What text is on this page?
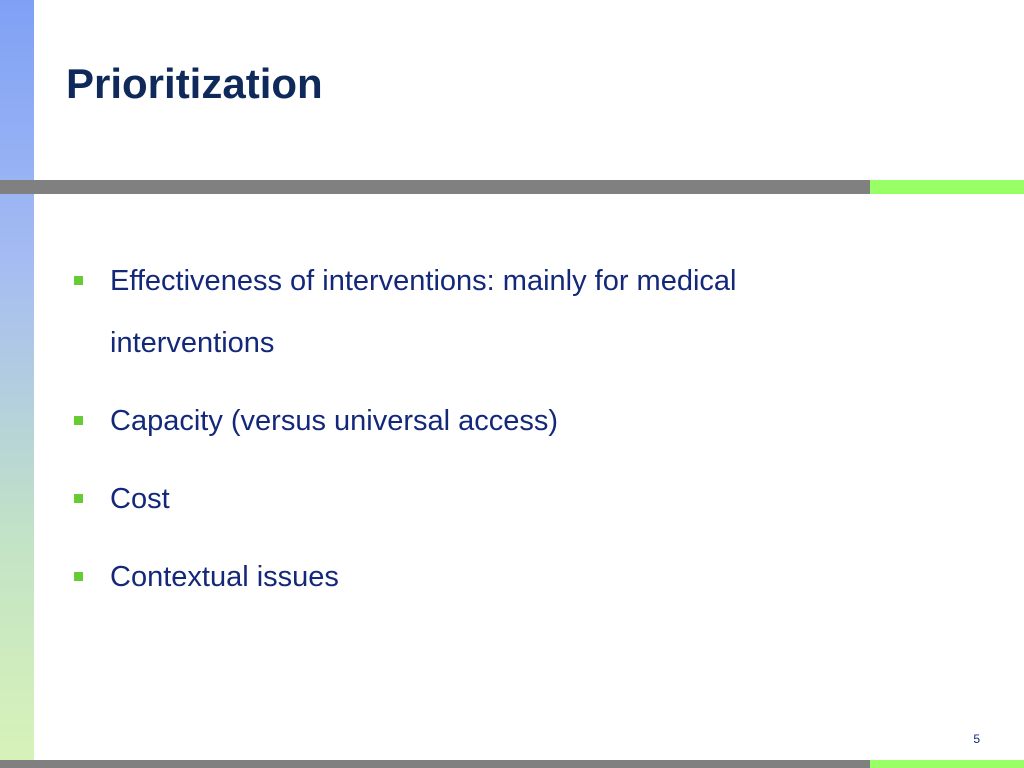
Prioritization
Effectiveness of interventions: mainly for medical interventions
Capacity (versus universal access)
Cost
Contextual issues
5
